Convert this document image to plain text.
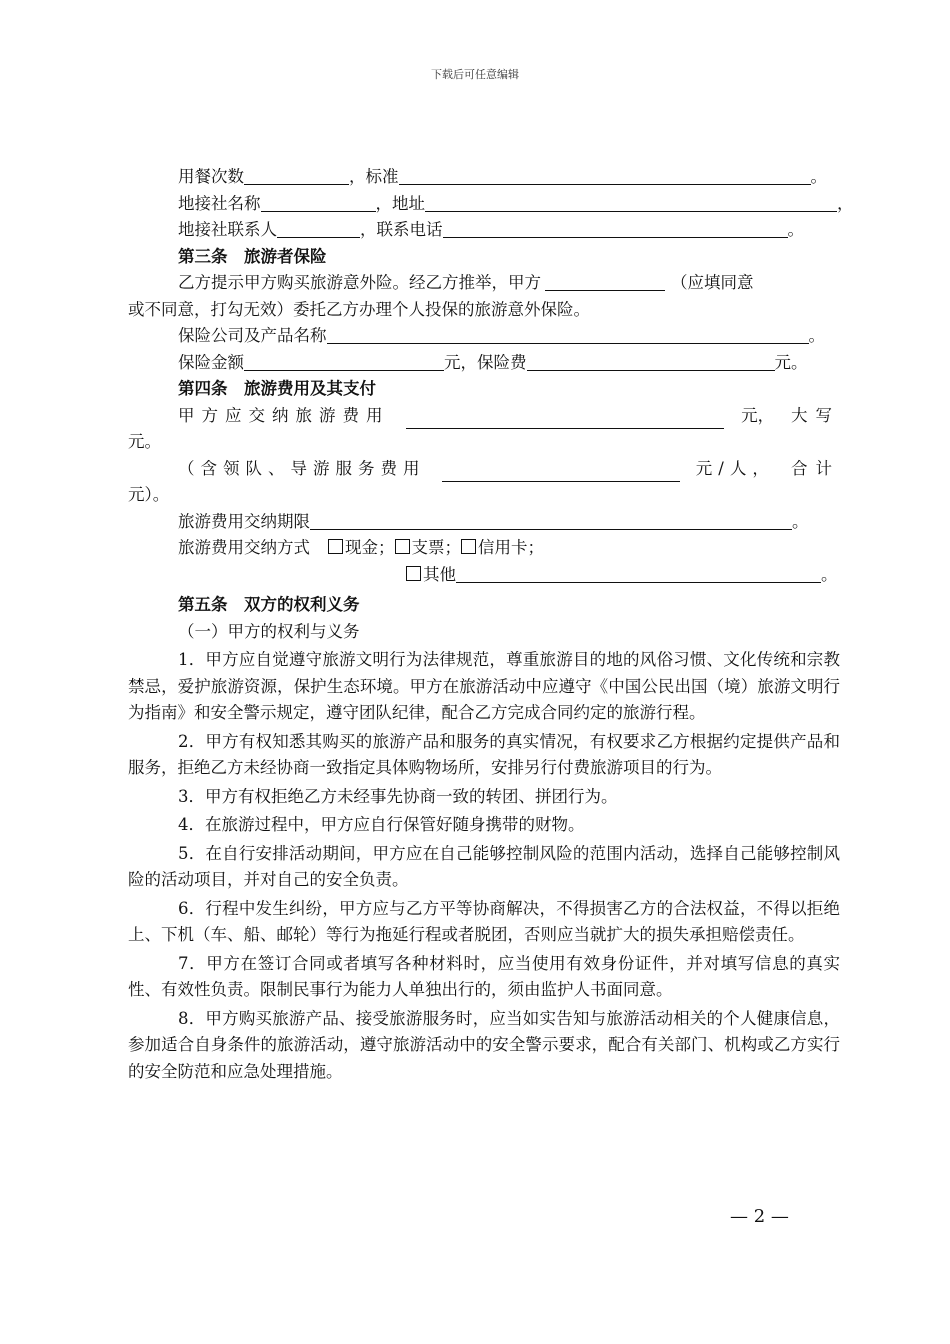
下载后可任意编辑
用餐次数	，标准	。
地接社名称	，地址	，
地接社联系人	，联系电话	。
第三条　旅游者保险
乙方提示甲方购买旅游意外险。经乙方推举，甲方	（应填同意
或不同意，打勾无效）委托乙方办理个人投保的旅游意外保险。
保险公司及产品名称	。
保险金额	元，保险费	元。
第四条　旅游费用及其支付
甲方应交纳旅游费用	元， 大写
元。
（含领队、导游服务费用	元/人， 合计
元）。
旅游费用交纳期限	。
旅游费用交纳方式 现金； 支票； 信用卡；
其他	。
第五条　双方的权利义务
（一）甲方的权利与义务

1．甲方应自觉遵守旅游文明行为法律规范，尊重旅游目的地的风俗习惯、文化传统和宗教禁忌，爱护旅游资源，保护生态环境。甲方在旅游活动中应遵守《中国公民出国（境）旅游文明行为指南》和安全警示规定，遵守团队纪律，配合乙方完成合同约定的旅游行程。

2．甲方有权知悉其购买的旅游产品和服务的真实情况，有权要求乙方根据约定提供产品和服务，拒绝乙方未经协商一致指定具体购物场所，安排另行付费旅游项目的行为。

3．甲方有权拒绝乙方未经事先协商一致的转团、拼团行为。

4．在旅游过程中，甲方应自行保管好随身携带的财物。

5．在自行安排活动期间，甲方应在自己能够控制风险的范围内活动，选择自己能够控制风险的活动项目，并对自己的安全负责。

6．行程中发生纠纷，甲方应与乙方平等协商解决，不得损害乙方的合法权益，不得以拒绝上、下机（车、船、邮轮）等行为拖延行程或者脱团，否则应当就扩大的损失承担赔偿责任。

7．甲方在签订合同或者填写各种材料时，应当使用有效身份证件，并对填写信息的真实性、有效性负责。限制民事行为能力人单独出行的，须由监护人书面同意。

8．甲方购买旅游产品、接受旅游服务时，应当如实告知与旅游活动相关的个人健康信息，参加适合自身条件的旅游活动，遵守旅游活动中的安全警示要求，配合有关部门、机构或乙方实行的安全防范和应急处理措施。

— 2 —
